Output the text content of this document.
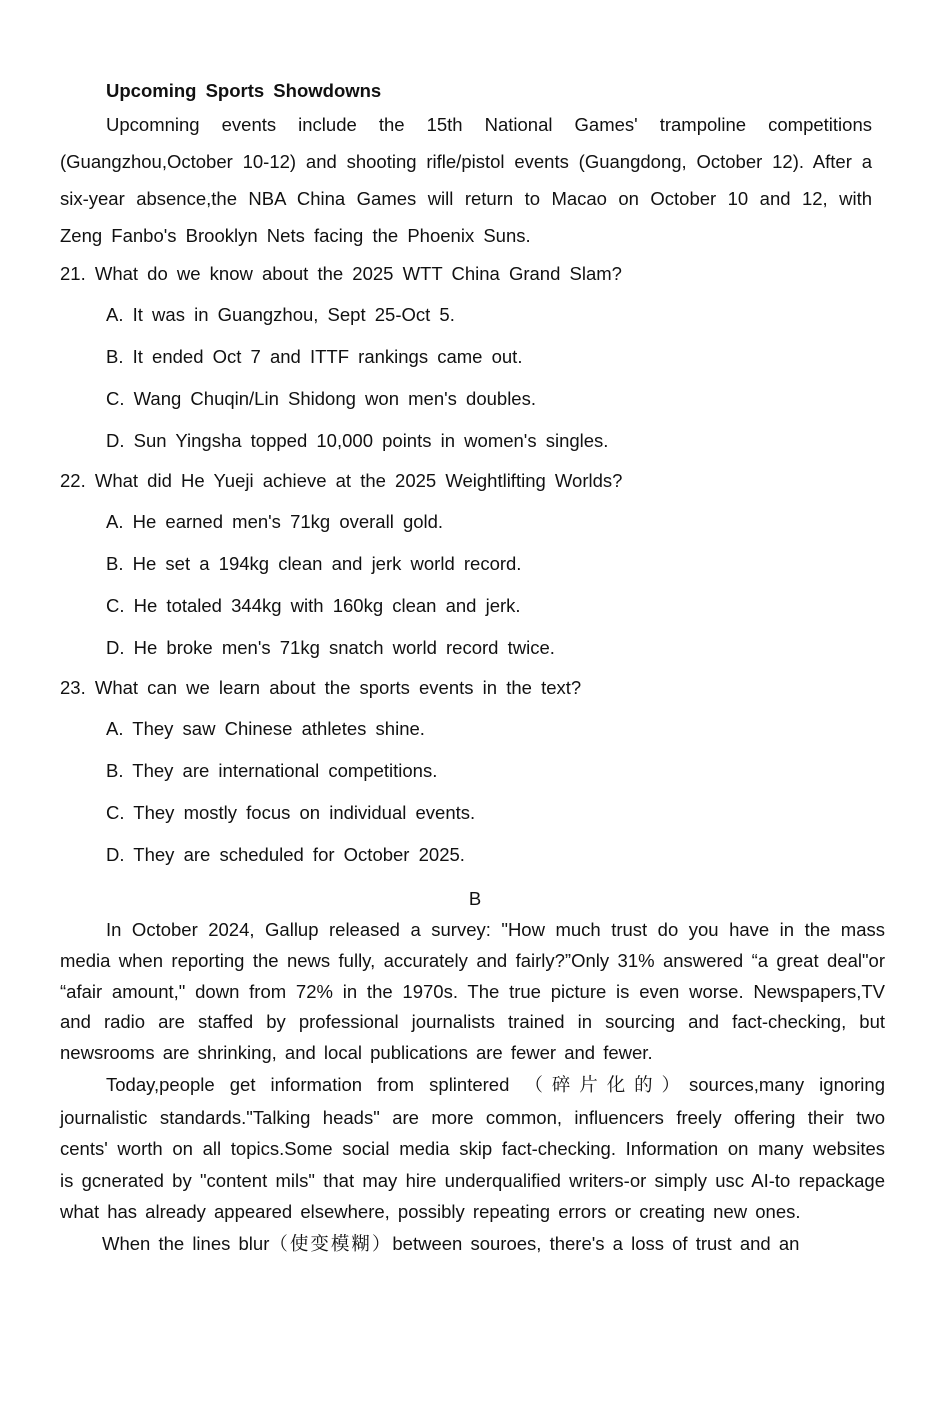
Upcoming Sports Showdowns

Upcomning events include the 15th National Games' trampoline competitions (Guangzhou,October 10-12) and shooting rifle/pistol events (Guangdong, October 12). After a six-year absence,the NBA China Games will return to Macao on October 10 and 12, with Zeng Fanbo's Brooklyn Nets facing the Phoenix Suns.

21. What do we know about the 2025 WTT China Grand Slam?

A. It was in Guangzhou, Sept 25-Oct 5.

B. It ended Oct 7 and ITTF rankings came out.

C. Wang Chuqin/Lin Shidong won men's doubles.

D. Sun Yingsha topped 10,000 points in women's singles.

22. What did He Yueji achieve at the 2025 Weightlifting Worlds?

A. He earned men's 71kg overall gold.

B. He set a 194kg clean and jerk world record.

C. He totaled 344kg with 160kg clean and jerk.

D. He broke men's 71kg snatch world record twice.

23. What can we learn about the sports events in the text?

A. They saw Chinese athletes shine.

B. They are international competitions.

C. They mostly focus on individual events.

D. They are scheduled for October 2025.

B

In October 2024, Gallup released a survey: "How much trust do you have in the mass media when reporting the news fully, accurately and fairly?”Only 31% answered “a great deal"or “afair amount," down from 72% in the 1970s. The true picture is even worse. Newspapers,TV and radio are staffed by professional journalists trained in sourcing and fact-checking, but newsrooms are shrinking, and local publications are fewer and fewer.

Today,people get information from splintered （碎片化的）sources,many ignoring journalistic standards."Talking heads" are more common, influencers freely offering their two cents' worth on all topics.Some social media skip fact-checking. Information on many websites is gcnerated by "content mils" that may hire underqualified writers-or simply usc AI-to repackage what has already appeared elsewhere, possibly repeating errors or creating new ones.

When the lines blur（使变模糊）between souroes, there's a loss of trust and an
